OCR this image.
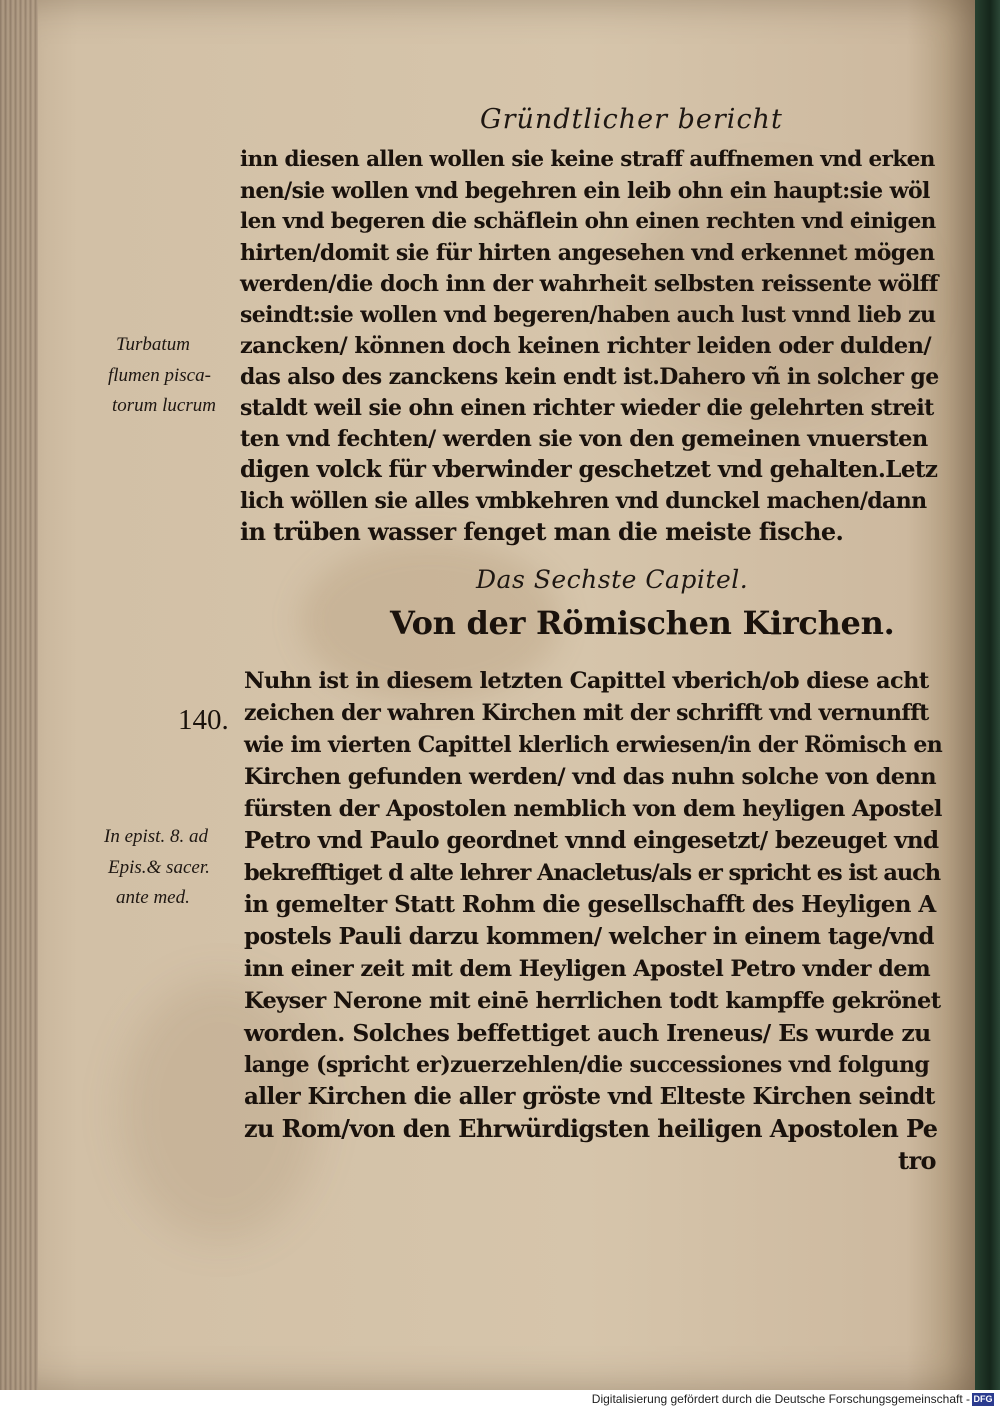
Gründtlicher bericht
inn diesen allen wollen sie keine straff auffnemen vnd erken
nen/sie wollen vnd begehren ein leib ohn ein haupt:sie wöl
len vnd begeren die schäflein ohn einen rechten vnd einigen
hirten/domit sie für hirten angesehen vnd erkennet mögen
werden/die doch inn der wahrheit selbsten reissente wölff
seindt:sie wollen vnd begeren/haben auch lust vnnd lieb zu
zancken/ können doch keinen richter leiden oder dulden/
das also des zanckens kein endt ist.Dahero vñ in solcher ge
staldt weil sie ohn einen richter wieder die gelehrten streit
ten vnd fechten/ werden sie von den gemeinen vnuersten
digen volck für vberwinder geschetzet vnd gehalten.Letz
lich wöllen sie alles vmbkehren vnd dunckel machen/dann
in trüben wasser fenget man die meiste fische.
Turbatum
flumen pisca-
torum lucrum
Das Sechste Capitel.
Von der Römischen Kirchen.
140.
Nuhn ist in diesem letzten Capittel vberich/ob diese acht
zeichen der wahren Kirchen mit der schrifft vnd vernunfft
wie im vierten Capittel klerlich erwiesen/in der Römisch en
Kirchen gefunden werden/ vnd das nuhn solche von denn
fürsten der Apostolen nemblich von dem heyligen Apostel
Petro vnd Paulo geordnet vnnd eingesetzt/ bezeuget vnd
bekrefftiget d alte lehrer Anacletus/als er spricht es ist auch
in gemelter Statt Rohm die gesellschafft des Heyligen A
postels Pauli darzu kommen/ welcher in einem tage/vnd
inn einer zeit mit dem Heyligen Apostel Petro vnder dem
Keyser Nerone mit einē herrlichen todt kampffe gekrönet
worden. Solches beffettiget auch Ireneus/ Es wurde zu
lange (spricht er)zuerzehlen/die successiones vnd folgung
aller Kirchen die aller gröste vnd Elteste Kirchen seindt
zu Rom/von den Ehrwürdigsten heiligen Apostolen Pe
tro
In epist. 8. ad
Epis.& sacer.
ante med.
Digitalisierung gefördert durch die Deutsche Forschungsgemeinschaft - DFG
